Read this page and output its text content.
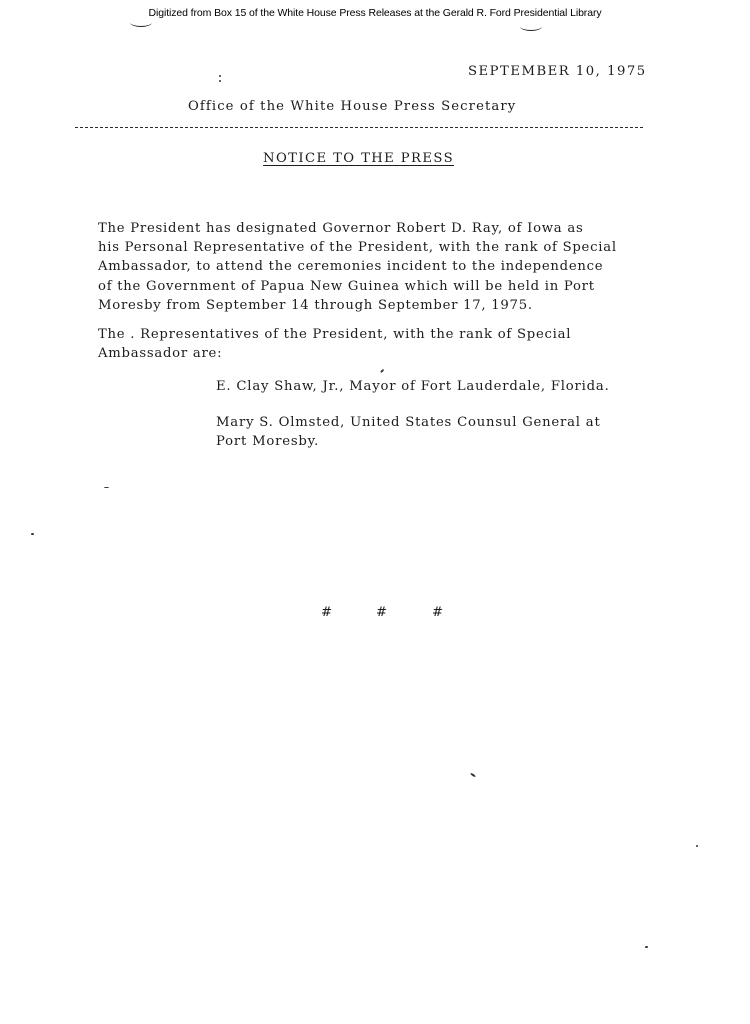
Digitized from Box 15 of the White House Press Releases at the Gerald R. Ford Presidential Library
SEPTEMBER 10, 1975
Office of the White House Press Secretary
NOTICE TO THE PRESS
The President has designated Governor Robert D. Ray, of Iowa as
his Personal Representative of the President, with the rank of Special
Ambassador, to attend the ceremonies incident to the independence
of the Government of Papua New Guinea which will be held in Port
Moresby from September 14 through September 17, 1975.
The . Representatives of the President, with the rank of Special
Ambassador are:
E. Clay Shaw, Jr., Mayor of Fort Lauderdale, Florida.
Mary S. Olmsted, United States Counsul General at
Port Moresby.
#	#	#
